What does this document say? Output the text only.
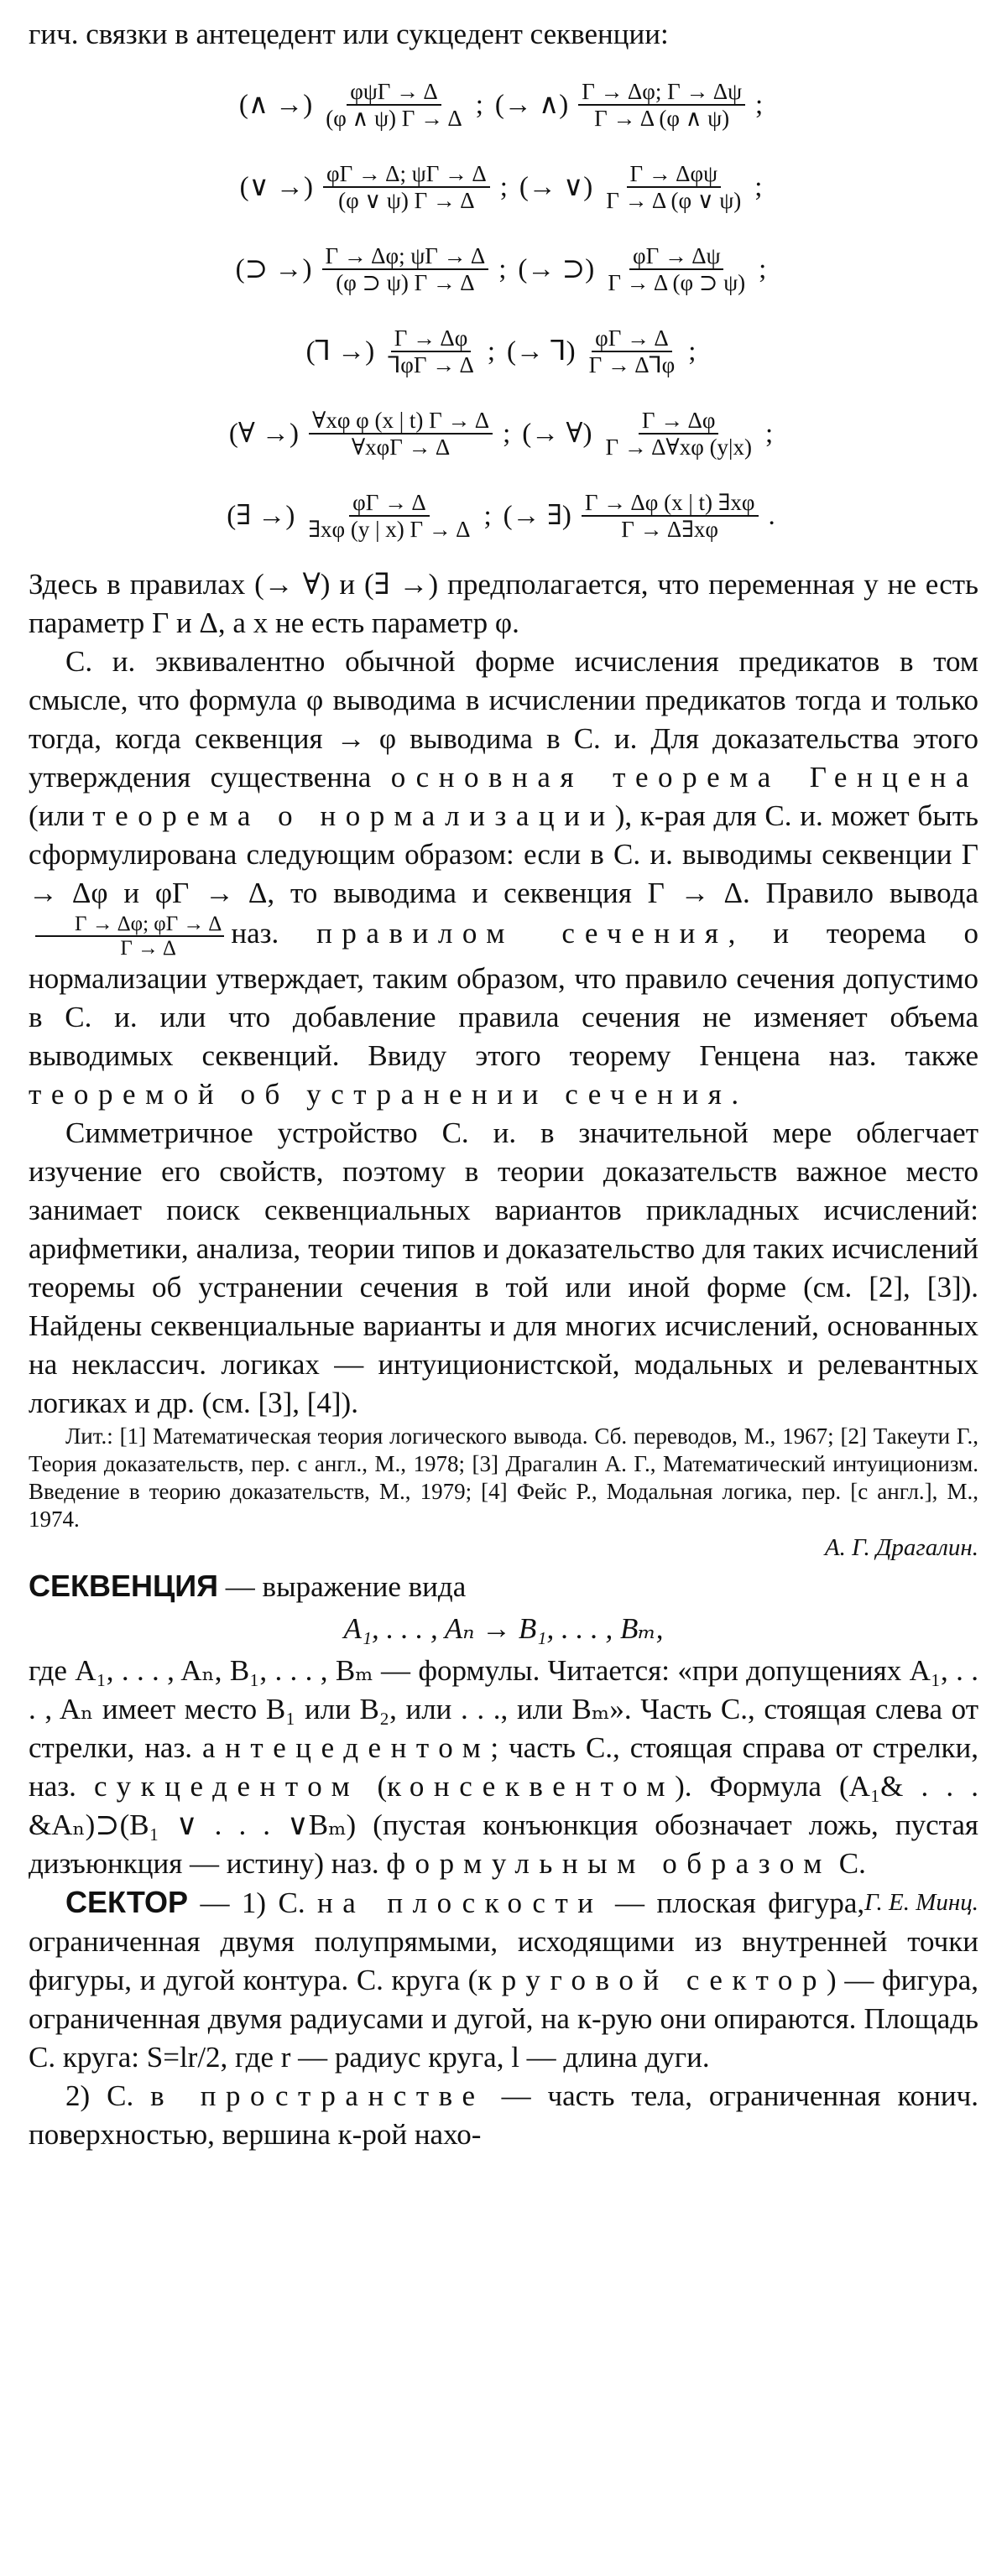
гич. связки в антецедент или сукцедент секвенции:

(∧ →) $\frac{\text{φψΓ → Δ}}{(\varphi \wedge \psi) \Gamma \to \Delta}$ ; (→ ∧) $\frac{\Gamma \to \Delta\varphi; \Gamma \to \Delta\psi}{\Gamma \to \Delta (\varphi \wedge \psi)}$ ;
(∨ →) $\frac{\varphi\Gamma \to \Delta; \psi\Gamma \to \Delta}{(\varphi \vee \psi) \Gamma \to \Delta}$ ; (→ ∨) $\frac{\text{Γ → Δφψ}}{\Gamma \to \Delta (\varphi \vee \psi)}$ ;
(⊃ →) $\frac{\Gamma \to \Delta\varphi; \psi\Gamma \to \Delta}{(\varphi ⊃ \psi) \Gamma \to \Delta}$ ; (→ ⊃) $\frac{\varphi\Gamma \to \Delta\psi}{\Gamma \to \Delta (\varphi ⊃ \psi)}$ ;
(⅂ →) $\frac{\Gamma \to \Delta\varphi}{⅂\varphi\Gamma \to \Delta}$ ; (→ ⅂) $\frac{\varphi\Gamma \to \Delta}{\Gamma \to \Delta⅂\varphi}$ ;
(∀ →) $\frac{\text{∀xφ φ (x | t) Γ → Δ}}{\text{∀xφΓ → Δ}}$ ; (→ ∀) $\frac{\Gamma \to \Delta\varphi}{\Gamma \to \Delta\forall x\varphi (y|x)}$ ;
(∃ →) $\frac{\varphi\Gamma \to \Delta}{\exists x\varphi (y | x) \Gamma \to \Delta}$ ; (→ ∃) $\frac{\Gamma \to \Delta\varphi (x | t) \exists x\varphi}{\Gamma \to \Delta\exists x\varphi}$ .

Здесь в правилах (→ ∀) и (∃ →) предполагается, что переменная y не есть параметр Γ и Δ, а x не есть параметр φ.

С. и. эквивалентно обычной форме исчисления предикатов в том смысле, что формула φ выводима в исчислении предикатов тогда и только тогда, когда секвенция → φ выводима в С. и. Для доказательства этого утверждения существенна основная теорема Генцена (или теорема о нормализации), к-рая для С. и. может быть сформулирована следующим образом: если в С. и. выводимы секвенции Γ → Δφ и φΓ → Δ, то выводима и секвенция Γ → Δ. Правило вывода
$\frac{\Gamma \to \Delta\varphi; \varphi\Gamma \to \Delta}{\Gamma \to \Delta}$ наз. правилом сечения, и теорема о нормализации утверждает, таким образом, что правило сечения допустимо в С. и. или что добавление правила сечения не изменяет объема выводимых секвенций. Ввиду этого теорему Генцена наз. также теоремой об устранении сечения.

Симметричное устройство С. и. в значительной мере облегчает изучение его свойств, поэтому в теории доказательств важное место занимает поиск секвенциальных вариантов прикладных исчислений: арифметики, анализа, теории типов и доказательство для таких исчислений теоремы об устранении сечения в той или иной форме (см. [2], [3]). Найдены секвенциальные варианты и для многих исчислений, основанных на неклассич. логиках — интуиционистской, модальных и релевантных логиках и др. (см. [3], [4]).

Лит.: [1] Математическая теория логического вывода. Сб. переводов, М., 1967; [2] Такеути Г., Теория доказательств, пер. с англ., М., 1978; [3] Драгалин А. Г., Математический интуиционизм. Введение в теорию доказательств, М., 1979; [4] Фейс Р., Модальная логика, пер. [с англ.], М., 1974.

А. Г. Драгалин.

СЕКВЕНЦИЯ — выражение вида

A₁, . . . , Aₙ → B₁, . . . , Bₘ,

где A₁, . . . , Aₙ, B₁, . . . , Bₘ — формулы. Читается: «при допущениях A₁, . . . , Aₙ имеет место B₁ или B₂, или . . ., или Bₘ». Часть С., стоящая слева от стрелки, наз. антецедентом; часть С., стоящая справа от стрелки, наз. сукцедентом (консеквентом). Формула (A₁& . . . &Aₙ)⊃(B₁ ∨ . . . ∨Bₘ) (пустая конъюнкция обозначает ложь, пустая дизъюнкция — истину) наз. формульным образом С.
Г. Е. Минц.

СЕКТОР — 1) С. на плоскости — плоская фигура, ограниченная двумя полупрямыми, исходящими из внутренней точки фигуры, и дугой контура. С. круга (круговой сектор) — фигура, ограниченная двумя радиусами и дугой, на к-рую они опираются. Площадь С. круга: S=lr/2, где r — радиус круга, l — длина дуги.

2) С. в пространстве — часть тела, ограниченная конич. поверхностью, вершина к-рой нахо-
